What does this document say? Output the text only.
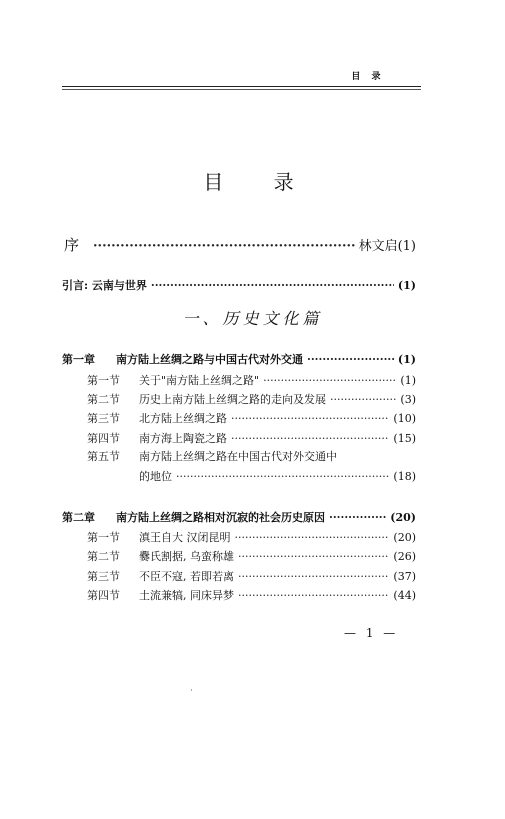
目 录
目 录
序 ·····	林文启(1)
引言: 云南与世界 ·····	(1)
一、历史文化篇
第一章	南方陆上丝绸之路与中国古代对外交通 ·····	(1)
第一节	关于"南方陆上丝绸之路" ·····	(1)
第二节	历史上南方陆上丝绸之路的走向及发展 ·····	(3)
第三节	北方陆上丝绸之路 ·····	(10)
第四节	南方海上陶瓷之路 ·····	(15)
第五节 南方陆上丝绸之路在中国古代对外交通中
的地位 ·····	(18)
第二章	南方陆上丝绸之路相对沉寂的社会历史原因 ·····	(20)
第一节	滇王自大 汉闭昆明 ·····	(20)
第二节	爨氏割据, 乌蛮称雄 ·····	(26)
第三节	不臣不寇, 若即若离 ·····	(37)
第四节	土流兼犒, 同床异梦 ·····	(44)
— 1 —
